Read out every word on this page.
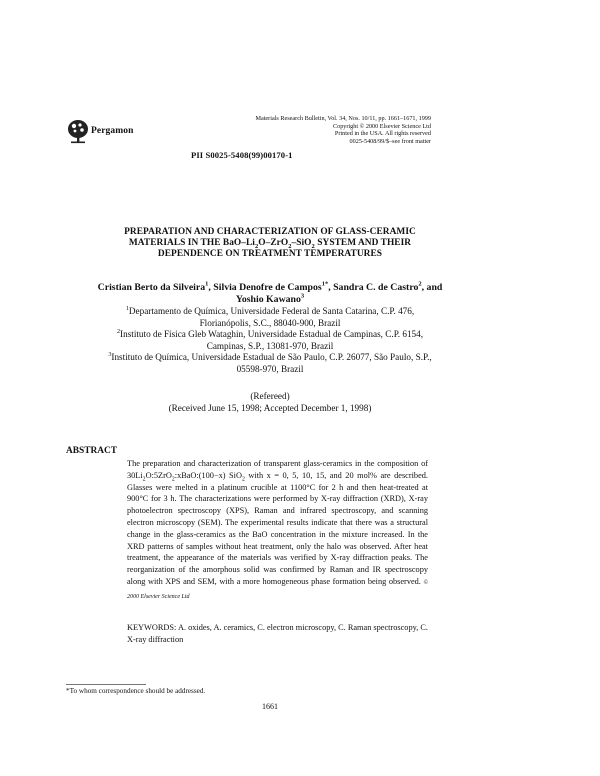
Pergamon
Materials Research Bulletin, Vol. 34, Nos. 10/11, pp. 1661–1671, 1999
Copyright © 2000 Elsevier Science Ltd
Printed in the USA. All rights reserved
0025-5408/99/$–see front matter
PII S0025-5408(99)00170-1
PREPARATION AND CHARACTERIZATION OF GLASS-CERAMIC
MATERIALS IN THE BaO–$Li_2O-ZrO_2-SiO_2$ SYSTEM AND THEIR
DEPENDENCE ON TREATMENT TEMPERATURES
Cristian Berto da Silveira$^1$, Silvia Denofre de Campos$^{1*}$, Sandra C. de Castro$^2$, and
Yoshio Kawano$^3$
$^1$Departamento de Química, Universidade Federal de Santa Catarina, C.P. 476,
Florianópolis, S.C., 88040-900, Brazil
$^2$Instituto de Física Gleb Wataghin, Universidade Estadual de Campinas, C.P. 6154,
Campinas, S.P., 13081-970, Brazil
$^3$Instituto de Química, Universidade Estadual de São Paulo, C.P. 26077, São Paulo, S.P.,
05598-970, Brazil
(Refereed)
(Received June 15, 1998; Accepted December 1, 1998)
ABSTRACT
The preparation and characterization of transparent glass-ceramics in the composition of $30Li_2O:5ZrO_2:xBaO:(100-x)$ SiO$_2$ with x = 0, 5, 10, 15, and 20 mol% are described. Glasses were melted in a platinum crucible at 1100°C for 2 h and then heat-treated at 900°C for 3 h. The characterizations were performed by X-ray diffraction (XRD), X-ray photoelectron spectroscopy (XPS), Raman and infrared spectroscopy, and scanning electron microscopy (SEM). The experimental results indicate that there was a structural change in the glass-ceramics as the BaO concentration in the mixture increased. In the XRD patterns of samples without heat treatment, only the halo was observed. After heat treatment, the appearance of the materials was verified by X-ray diffraction peaks. The reorganization of the amorphous solid was confirmed by Raman and IR spectroscopy along with XPS and SEM, with a more homogeneous phase formation being observed. © 2000 Elsevier Science Ltd
KEYWORDS: A. oxides, A. ceramics, C. electron microscopy, C. Raman spectroscopy, C. X-ray diffraction
*To whom correspondence should be addressed.
1661
